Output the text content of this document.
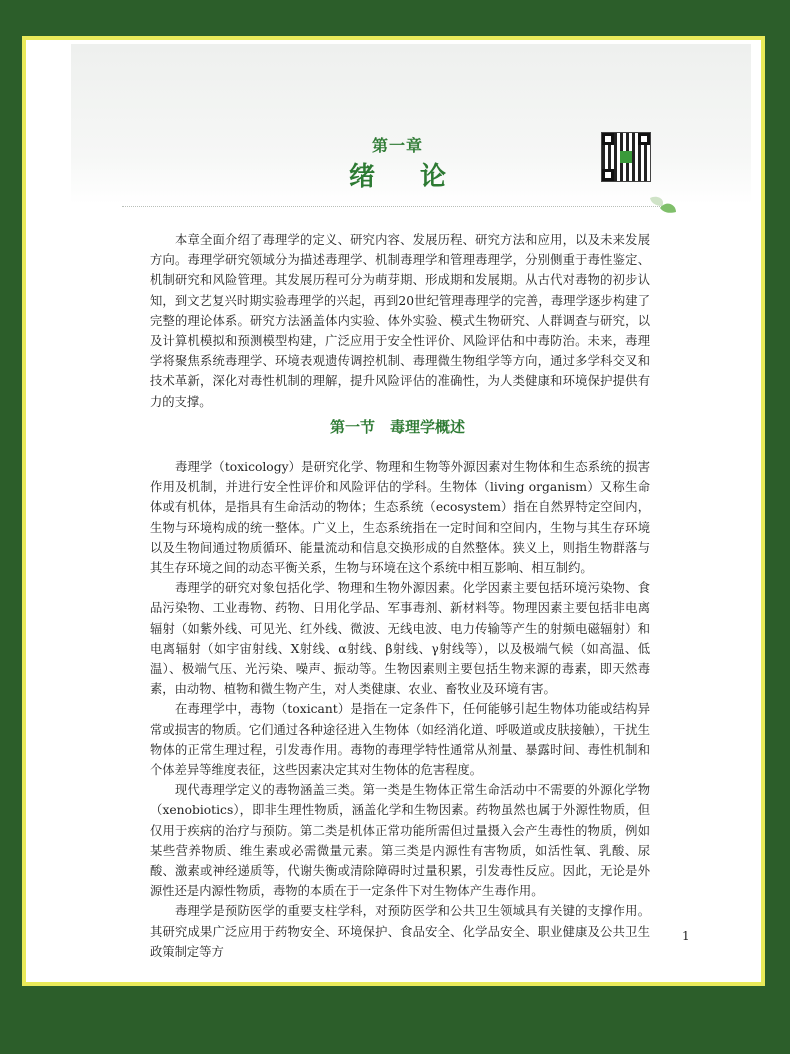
第一章
绪 论

本章全面介绍了毒理学的定义、研究内容、发展历程、研究方法和应用，以及未来发展方向。毒理学研究领域分为描述毒理学、机制毒理学和管理毒理学，分别侧重于毒性鉴定、机制研究和风险管理。其发展历程可分为萌芽期、形成期和发展期。从古代对毒物的初步认知，到文艺复兴时期实验毒理学的兴起，再到20世纪管理毒理学的完善，毒理学逐步构建了完整的理论体系。研究方法涵盖体内实验、体外实验、模式生物研究、人群调查与研究，以及计算机模拟和预测模型构建，广泛应用于安全性评价、风险评估和中毒防治。未来，毒理学将聚焦系统毒理学、环境表观遗传调控机制、毒理微生物组学等方向，通过多学科交叉和技术革新，深化对毒性机制的理解，提升风险评估的准确性，为人类健康和环境保护提供有力的支撑。

第一节　毒理学概述

毒理学（toxicology）是研究化学、物理和生物等外源因素对生物体和生态系统的损害作用及机制，并进行安全性评价和风险评估的学科。生物体（living organism）又称生命体或有机体，是指具有生命活动的物体；生态系统（ecosystem）指在自然界特定空间内，生物与环境构成的统一整体。广义上，生态系统指在一定时间和空间内，生物与其生存环境以及生物间通过物质循环、能量流动和信息交换形成的自然整体。狭义上，则指生物群落与其生存环境之间的动态平衡关系，生物与环境在这个系统中相互影响、相互制约。

毒理学的研究对象包括化学、物理和生物外源因素。化学因素主要包括环境污染物、食品污染物、工业毒物、药物、日用化学品、军事毒剂、新材料等。物理因素主要包括非电离辐射（如紫外线、可见光、红外线、微波、无线电波、电力传输等产生的射频电磁辐射）和电离辐射（如宇宙射线、X射线、α射线、β射线、γ射线等），以及极端气候（如高温、低温）、极端气压、光污染、噪声、振动等。生物因素则主要包括生物来源的毒素，即天然毒素，由动物、植物和微生物产生，对人类健康、农业、畜牧业及环境有害。

在毒理学中，毒物（toxicant）是指在一定条件下，任何能够引起生物体功能或结构异常或损害的物质。它们通过各种途径进入生物体（如经消化道、呼吸道或皮肤接触），干扰生物体的正常生理过程，引发毒作用。毒物的毒理学特性通常从剂量、暴露时间、毒性机制和个体差异等维度表征，这些因素决定其对生物体的危害程度。

现代毒理学定义的毒物涵盖三类。第一类是生物体正常生命活动中不需要的外源化学物（xenobiotics），即非生理性物质，涵盖化学和生物因素。药物虽然也属于外源性物质，但仅用于疾病的治疗与预防。第二类是机体正常功能所需但过量摄入会产生毒性的物质，例如某些营养物质、维生素或必需微量元素。第三类是内源性有害物质，如活性氧、乳酸、尿酸、激素或神经递质等，代谢失衡或清除障碍时过量积累，引发毒性反应。因此，无论是外源性还是内源性物质，毒物的本质在于一定条件下对生物体产生毒作用。

毒理学是预防医学的重要支柱学科，对预防医学和公共卫生领域具有关键的支撑作用。其研究成果广泛应用于药物安全、环境保护、食品安全、化学品安全、职业健康及公共卫生政策制定等方

1
